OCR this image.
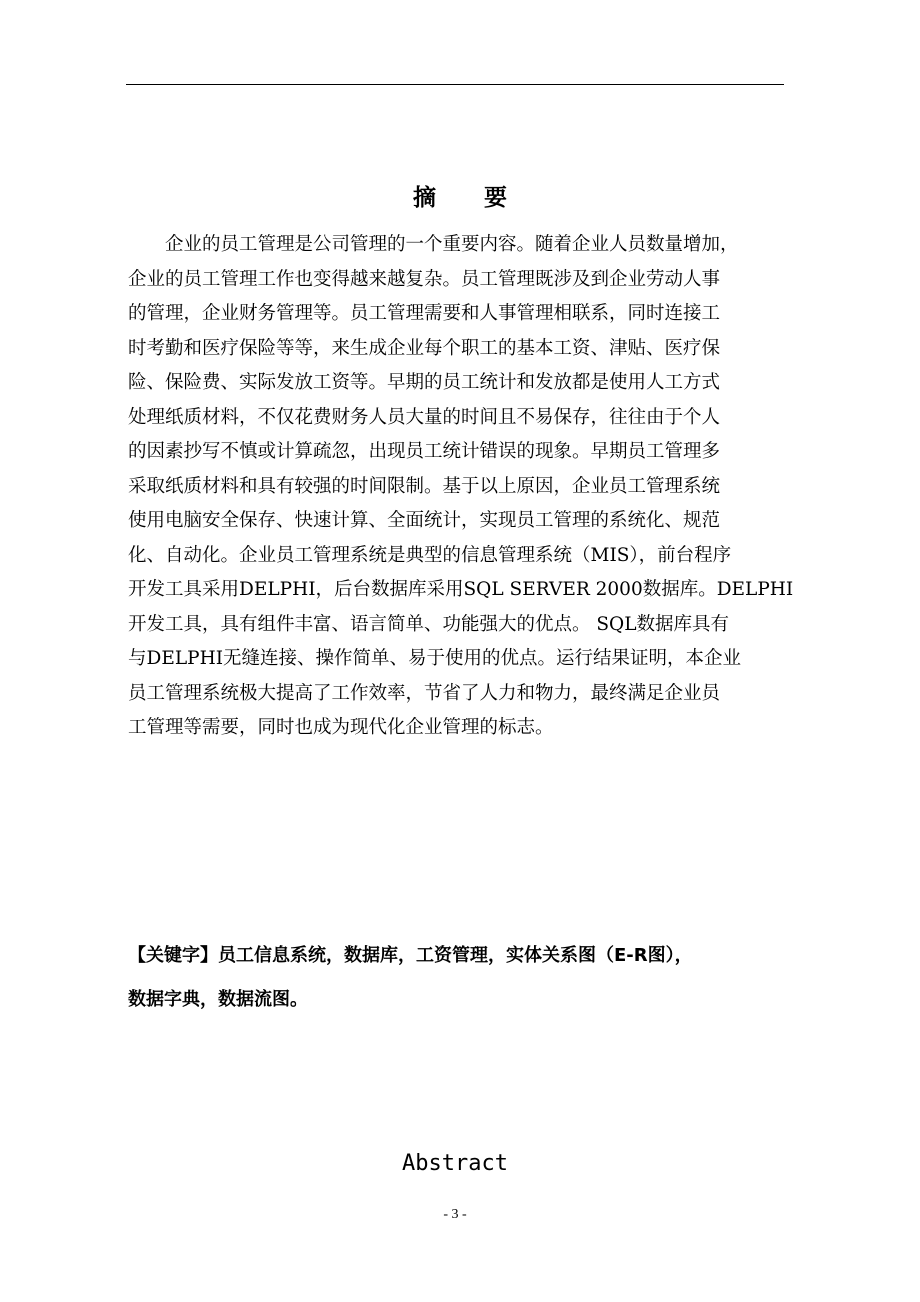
摘 要
企业的员工管理是公司管理的一个重要内容。随着企业人员数量增加，
企业的员工管理工作也变得越来越复杂。员工管理既涉及到企业劳动人事
的管理，企业财务管理等。员工管理需要和人事管理相联系，同时连接工
时考勤和医疗保险等等，来生成企业每个职工的基本工资、津贴、医疗保
险、保险费、实际发放工资等。早期的员工统计和发放都是使用人工方式
处理纸质材料，不仅花费财务人员大量的时间且不易保存，往往由于个人
的因素抄写不慎或计算疏忽，出现员工统计错误的现象。早期员工管理多
采取纸质材料和具有较强的时间限制。基于以上原因，企业员工管理系统
使用电脑安全保存、快速计算、全面统计，实现员工管理的系统化、规范
化、自动化。企业员工管理系统是典型的信息管理系统（MIS），前台程序
开发工具采用DELPHI，后台数据库采用SQL SERVER 2000数据库。DELPHI
开发工具，具有组件丰富、语言简单、功能强大的优点。 SQL数据库具有
与DELPHI无缝连接、操作简单、易于使用的优点。运行结果证明，本企业
员工管理系统极大提高了工作效率，节省了人力和物力，最终满足企业员
工管理等需要，同时也成为现代化企业管理的标志。
【关键字】员工信息系统，数据库，工资管理，实体关系图（E-R图），
数据字典，数据流图。
Abstract
- 3 -
